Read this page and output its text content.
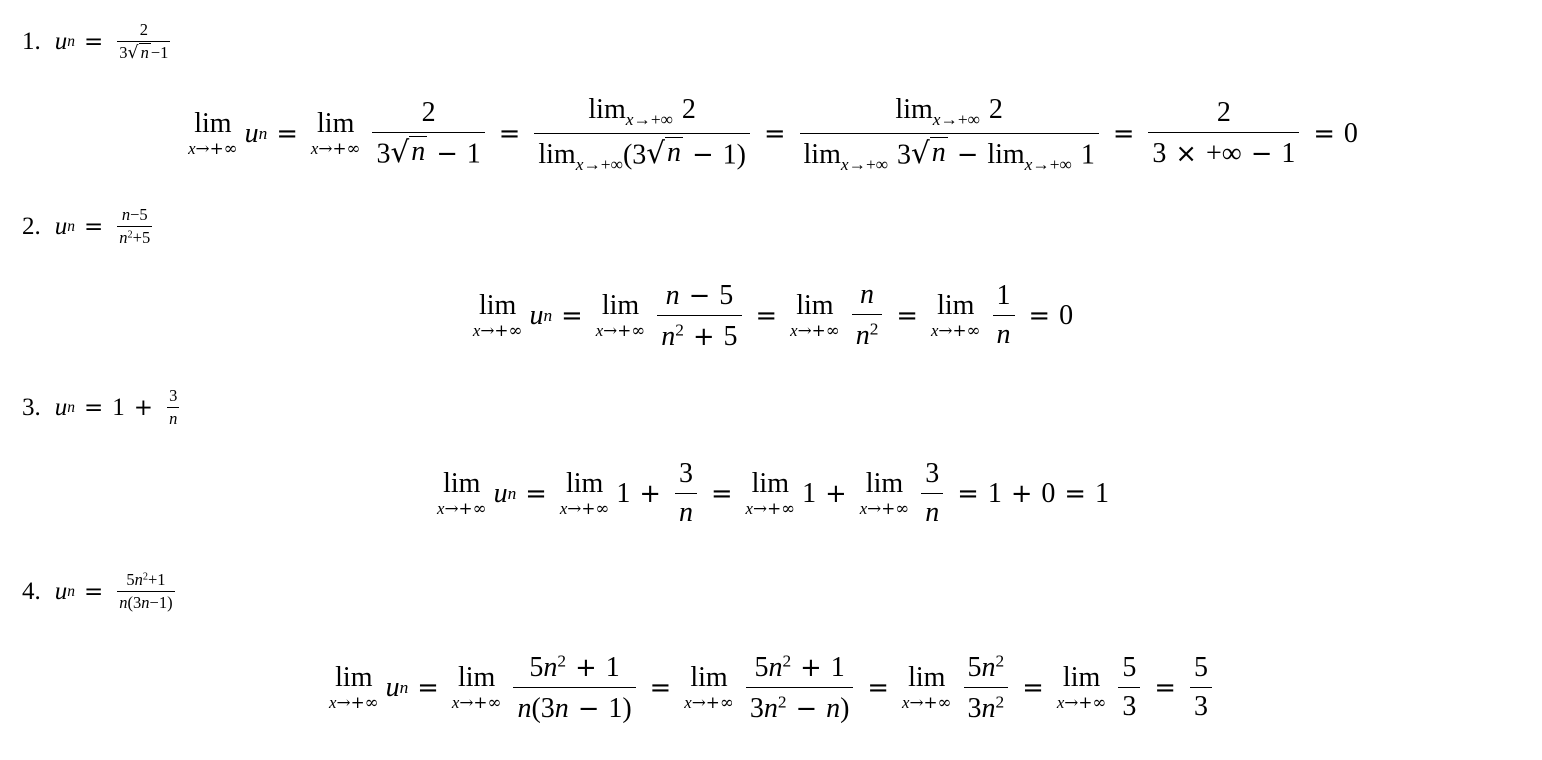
1. u $n = \frac{2}{3 √ n -1}$
lim
x→+∞ u n = lim
$x\to+\infty \frac{2}{3 √ n - 1} = \frac{\lim_{x\to+\infty} 2}{\lim_{x\to+\infty}(3 √ n - 1)} = \frac{\lim_{x\to+\infty} 2}{\lim_{x\to+\infty} 3 √ n - \lim_{x\to+\infty} 1} = \frac{2}{3 \times +\infty - 1} = 0$
2. u $n = \frac{n-5}{n^2+5}$
lim
x→+∞ u n = lim
$x\to+\infty \frac{n - 5}{n^2 + 5} = \lim$
$x\to+\infty \frac{n}{n^2} = \lim$
$x\to+\infty \frac{1}{n} = 0$
3. u $n = 1 + \frac{3}{n}$
lim
x→+∞ u n = lim
x→+∞ $1 + \frac{3}{n} = \lim$
x→+∞ 1 + lim
$x\to+\infty \frac{3}{n} = 1 + 0 = 1$
4. u $n = \frac{5n^2+1}{n(3n-1)}$
lim
x→+∞ u n = lim
$x\to+\infty \frac{5n^2 + 1}{n(3n - 1)} = \lim$
$x\to+\infty \frac{5n^2 + 1}{3n^2 - n)} = \lim$
$x\to+\infty \frac{5n^2}{3n^2} = \lim$
$x\to+\infty \frac{5}{3} = \frac{5}{3}$
